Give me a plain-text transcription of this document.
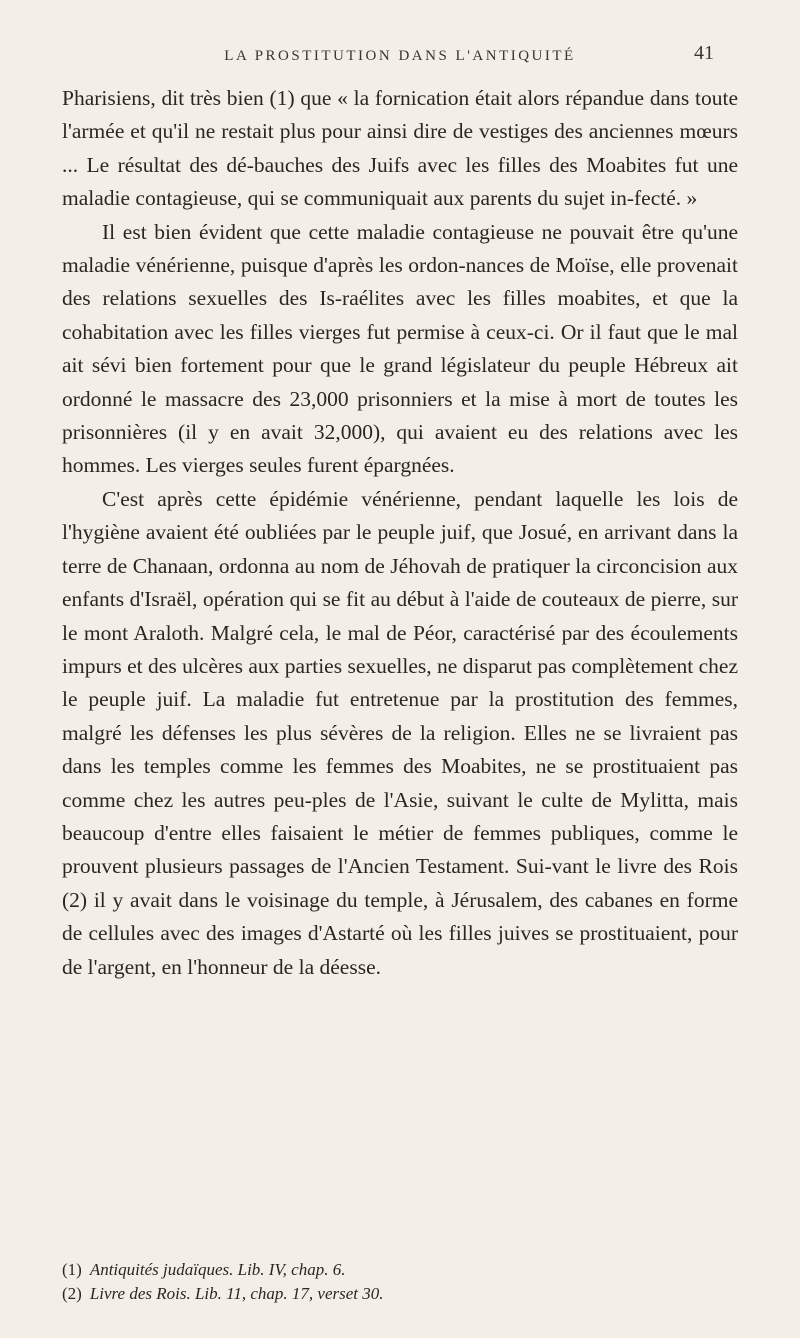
LA PROSTITUTION DANS L'ANTIQUITÉ	41

Pharisiens, dit très bien (1) que « la fornication était alors répandue dans toute l'armée et qu'il ne restait plus pour ainsi dire de vestiges des anciennes mœurs ... Le résultat des dé-bauches des Juifs avec les filles des Moabites fut une maladie contagieuse, qui se communiquait aux parents du sujet in-fecté. »

Il est bien évident que cette maladie contagieuse ne pouvait être qu'une maladie vénérienne, puisque d'après les ordon-nances de Moïse, elle provenait des relations sexuelles des Is-raélites avec les filles moabites, et que la cohabitation avec les filles vierges fut permise à ceux-ci. Or il faut que le mal ait sévi bien fortement pour que le grand législateur du peuple Hébreux ait ordonné le massacre des 23,000 prisonniers et la mise à mort de toutes les prisonnières (il y en avait 32,000), qui avaient eu des relations avec les hommes. Les vierges seules furent épargnées.

C'est après cette épidémie vénérienne, pendant laquelle les lois de l'hygiène avaient été oubliées par le peuple juif, que Josué, en arrivant dans la terre de Chanaan, ordonna au nom de Jéhovah de pratiquer la circoncision aux enfants d'Israël, opération qui se fit au début à l'aide de couteaux de pierre, sur le mont Araloth. Malgré cela, le mal de Péor, caractérisé par des écoulements impurs et des ulcères aux parties sexuelles, ne disparut pas complètement chez le peuple juif. La maladie fut entretenue par la prostitution des femmes, malgré les défenses les plus sévères de la religion. Elles ne se livraient pas dans les temples comme les femmes des Moabites, ne se prostituaient pas comme chez les autres peu-ples de l'Asie, suivant le culte de Mylitta, mais beaucoup d'entre elles faisaient le métier de femmes publiques, comme le prouvent plusieurs passages de l'Ancien Testament. Sui-vant le livre des Rois (2) il y avait dans le voisinage du temple, à Jérusalem, des cabanes en forme de cellules avec des images d'Astarté où les filles juives se prostituaient, pour de l'argent, en l'honneur de la déesse.

(1) Antiquités judaïques. Lib. IV, chap. 6.
(2) Livre des Rois. Lib. 11, chap. 17, verset 30.
